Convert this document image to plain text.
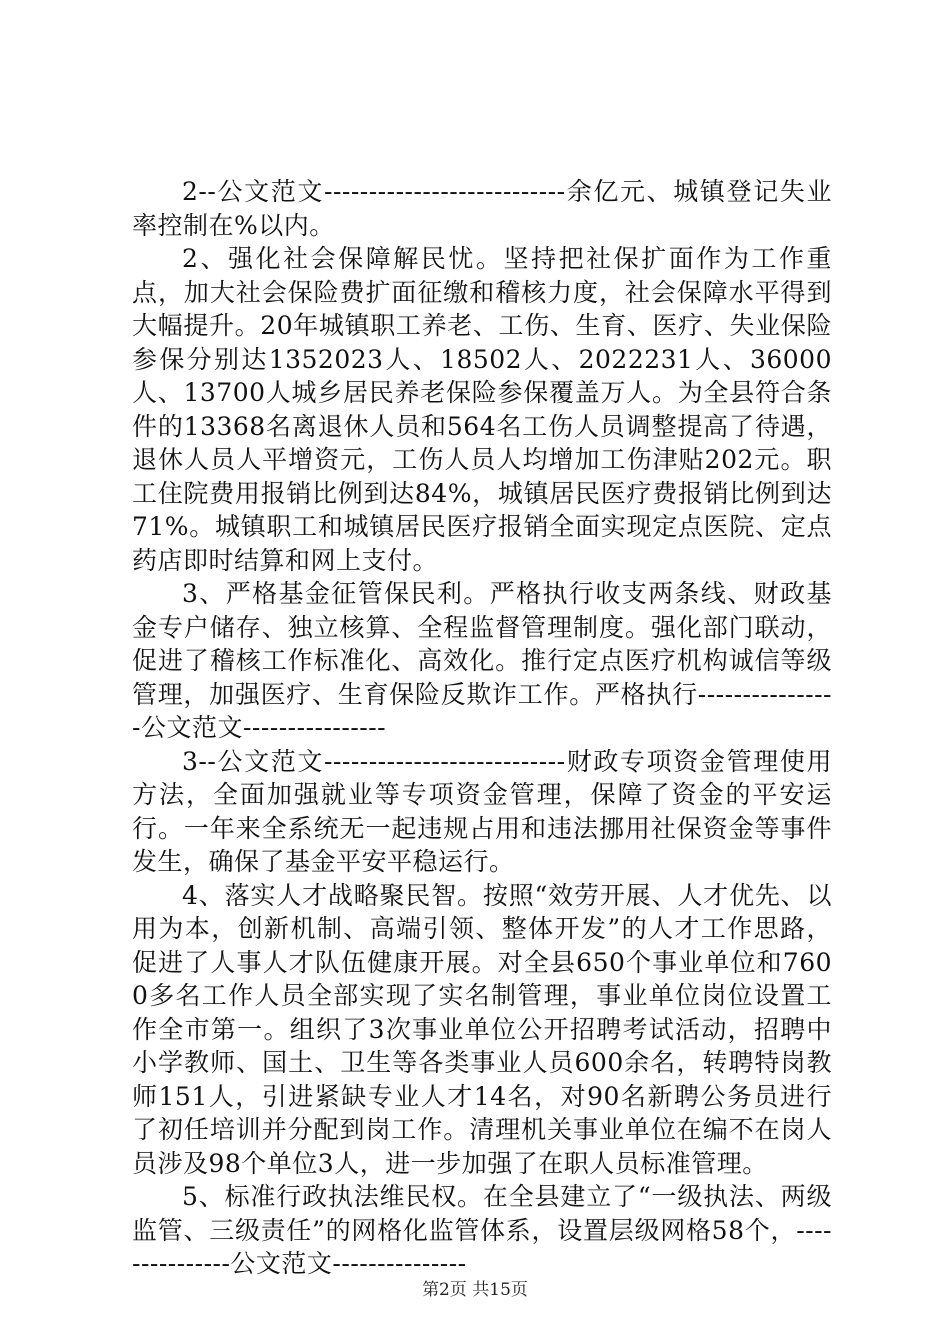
2--公文范文---------------------------余亿元、城镇登记失业率控制在%以内。

2、强化社会保障解民忧。坚持把社保扩面作为工作重点，加大社会保险费扩面征缴和稽核力度，社会保障水平得到大幅提升。20年城镇职工养老、工伤、生育、医疗、失业保险参保分别达1352023人、18502人、2022231人、36000人、13700人城乡居民养老保险参保覆盖万人。为全县符合条件的13368名离退休人员和564名工伤人员调整提高了待遇，退休人员人平增资元，工伤人员人均增加工伤津贴202元。职工住院费用报销比例到达84%，城镇居民医疗费报销比例到达71%。城镇职工和城镇居民医疗报销全面实现定点医院、定点药店即时结算和网上支付。

3、严格基金征管保民利。严格执行收支两条线、财政基金专户储存、独立核算、全程监督管理制度。强化部门联动，促进了稽核工作标准化、高效化。推行定点医疗机构诚信等级管理，加强医疗、生育保险反欺诈工作。严格执行----------------公文范文----------------

3--公文范文---------------------------财政专项资金管理使用方法，全面加强就业等专项资金管理，保障了资金的平安运行。一年来全系统无一起违规占用和违法挪用社保资金等事件发生，确保了基金平安平稳运行。

4、落实人才战略聚民智。按照“效劳开展、人才优先、以用为本，创新机制、高端引领、整体开发”的人才工作思路，促进了人事人才队伍健康开展。对全县650个事业单位和7600多名工作人员全部实现了实名制管理，事业单位岗位设置工作全市第一。组织了3次事业单位公开招聘考试活动，招聘中小学教师、国土、卫生等各类事业人员600余名，转聘特岗教师151人，引进紧缺专业人才14名，对90名新聘公务员进行了初任培训并分配到岗工作。清理机关事业单位在编不在岗人员涉及98个单位3人，进一步加强了在职人员标准管理。

5、标准行政执法维民权。在全县建立了“一级执法、两级监管、三级责任”的网格化监管体系，设置层级网格58个，---------------公文范文---------------

第2页 共15页
